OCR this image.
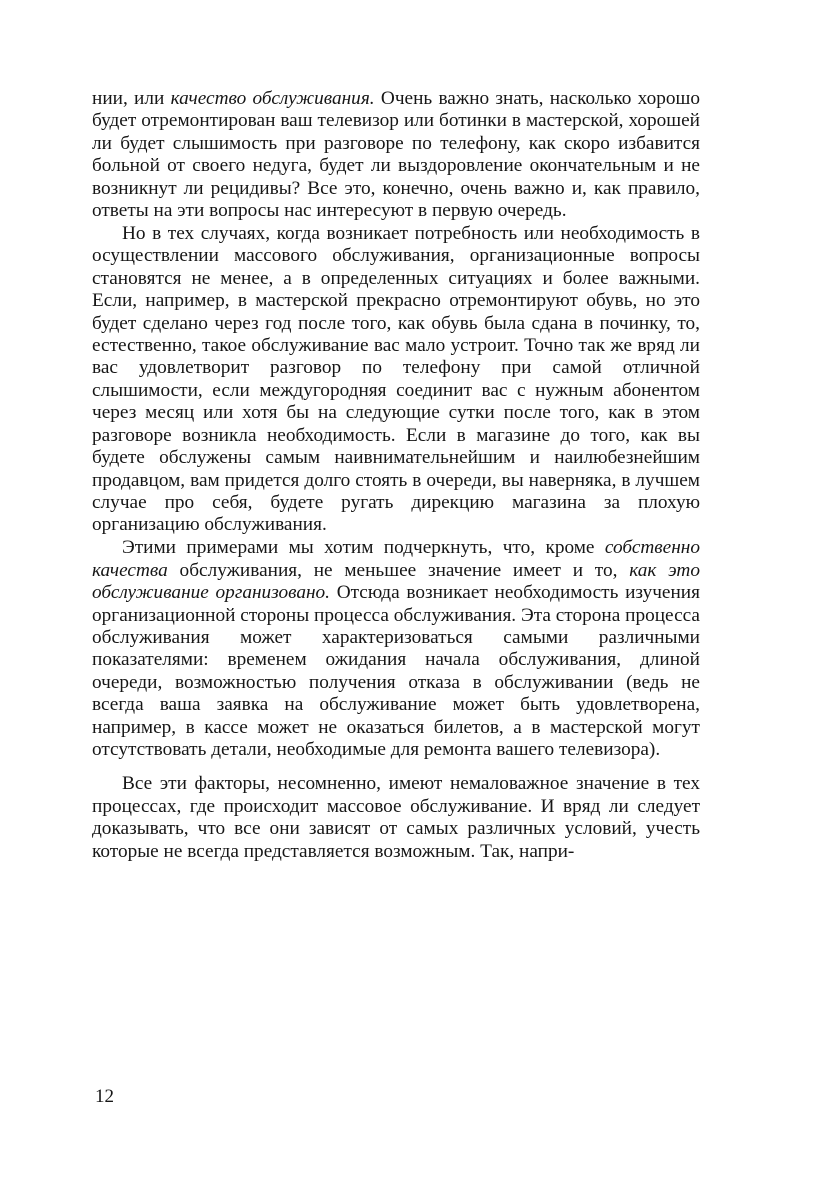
нии, или качество обслуживания. Очень важно знать, насколько хорошо будет отремонтирован ваш телевизор или ботинки в мастерской, хорошей ли будет слышимость при разговоре по телефону, как скоро избавится больной от своего недуга, будет ли выздоровление окончательным и не возникнут ли рецидивы? Все это, конечно, очень важно и, как правило, ответы на эти вопросы нас интересуют в первую очередь.

Но в тех случаях, когда возникает потребность или необходимость в осуществлении массового обслуживания, организационные вопросы становятся не менее, а в определенных ситуациях и более важными. Если, например, в мастерской прекрасно отремонтируют обувь, но это будет сделано через год после того, как обувь была сдана в починку, то, естественно, такое обслуживание вас мало устроит. Точно так же вряд ли вас удовлетворит разговор по телефону при самой отличной слышимости, если междугородняя соединит вас с нужным абонентом через месяц или хотя бы на следующие сутки после того, как в этом разговоре возникла необходимость. Если в магазине до того, как вы будете обслужены самым наивнимательнейшим и наилюбезнейшим продавцом, вам придется долго стоять в очереди, вы наверняка, в лучшем случае про себя, будете ругать дирекцию магазина за плохую организацию обслуживания.

Этими примерами мы хотим подчеркнуть, что, кроме собственно качества обслуживания, не меньшее значение имеет и то, как это обслуживание организовано. Отсюда возникает необходимость изучения организационной стороны процесса обслуживания. Эта сторона процесса обслуживания может характеризоваться самыми различными показателями: временем ожидания начала обслуживания, длиной очереди, возможностью получения отказа в обслуживании (ведь не всегда ваша заявка на обслуживание может быть удовлетворена, например, в кассе может не оказаться билетов, а в мастерской могут отсутствовать детали, необходимые для ремонта вашего телевизора).

Все эти факторы, несомненно, имеют немаловажное значение в тех процессах, где происходит массовое обслуживание. И вряд ли следует доказывать, что все они зависят от самых различных условий, учесть которые не всегда представляется возможным. Так, напри-

12
